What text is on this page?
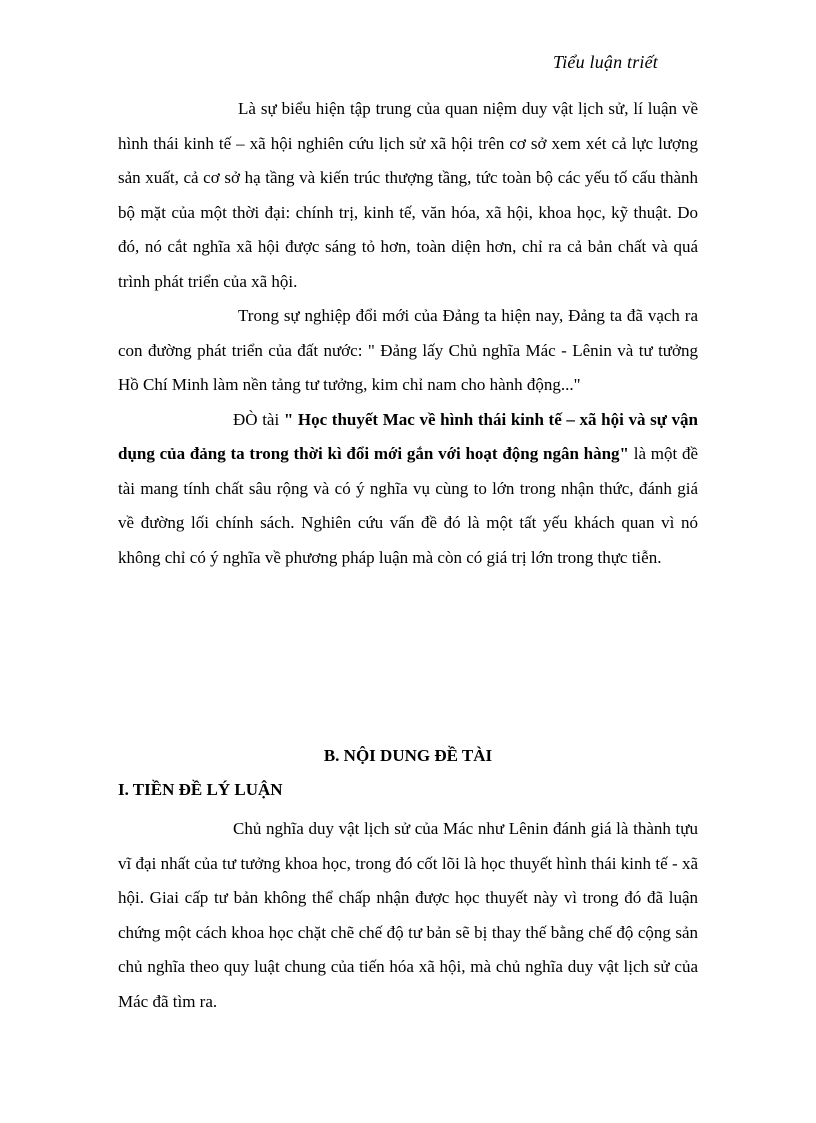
Tiểu luận triết

Là sự biểu hiện tập trung của quan niệm duy vật lịch sử, lí luận về hình thái kinh tế – xã hội nghiên cứu lịch sử xã hội trên cơ sở xem xét cả lực lượng sản xuất, cả cơ sở hạ tầng và kiến trúc thượng tầng, tức toàn bộ các yếu tố cấu thành bộ mặt của một thời đại: chính trị, kinh tế, văn hóa, xã hội, khoa học, kỹ thuật. Do đó, nó cắt nghĩa xã hội được sáng tỏ hơn, toàn diện hơn, chỉ ra cả bản chất và quá trình phát triển của xã hội.

Trong sự nghiệp đổi mới của Đảng ta hiện nay, Đảng ta đã vạch ra con đường phát triển của đất nước: " Đảng lấy Chủ nghĩa Mác - Lênin và tư tưởng Hồ Chí Minh làm nền tảng tư tưởng, kim chỉ nam cho hành động..."

ĐÒ tài " Học thuyết Mac về hình thái kinh tế – xã hội và sự vận dụng của đảng ta trong thời kì đổi mới gắn với hoạt động ngân hàng" là một đề tài mang tính chất sâu rộng và có ý nghĩa vụ cùng to lớn trong nhận thức, đánh giá về đường lối chính sách. Nghiên cứu vấn đề đó là một tất yếu khách quan vì nó không chỉ có ý nghĩa về phương pháp luận mà còn có giá trị lớn trong thực tiễn.

B. NỘI DUNG ĐỀ TÀI
I. TIỀN ĐỀ LÝ LUẬN

Chủ nghĩa duy vật lịch sử của Mác như Lênin đánh giá là thành tựu vĩ đại nhất của tư tưởng khoa học, trong đó cốt lõi là học thuyết hình thái kinh tế - xã hội. Giai cấp tư bản không thể chấp nhận được học thuyết này vì trong đó đã luận chứng một cách khoa học chặt chẽ chế độ tư bản sẽ bị thay thế bằng chế độ cộng sản chủ nghĩa theo quy luật chung của tiến hóa xã hội, mà chủ nghĩa duy vật lịch sử của Mác đã tìm ra.
